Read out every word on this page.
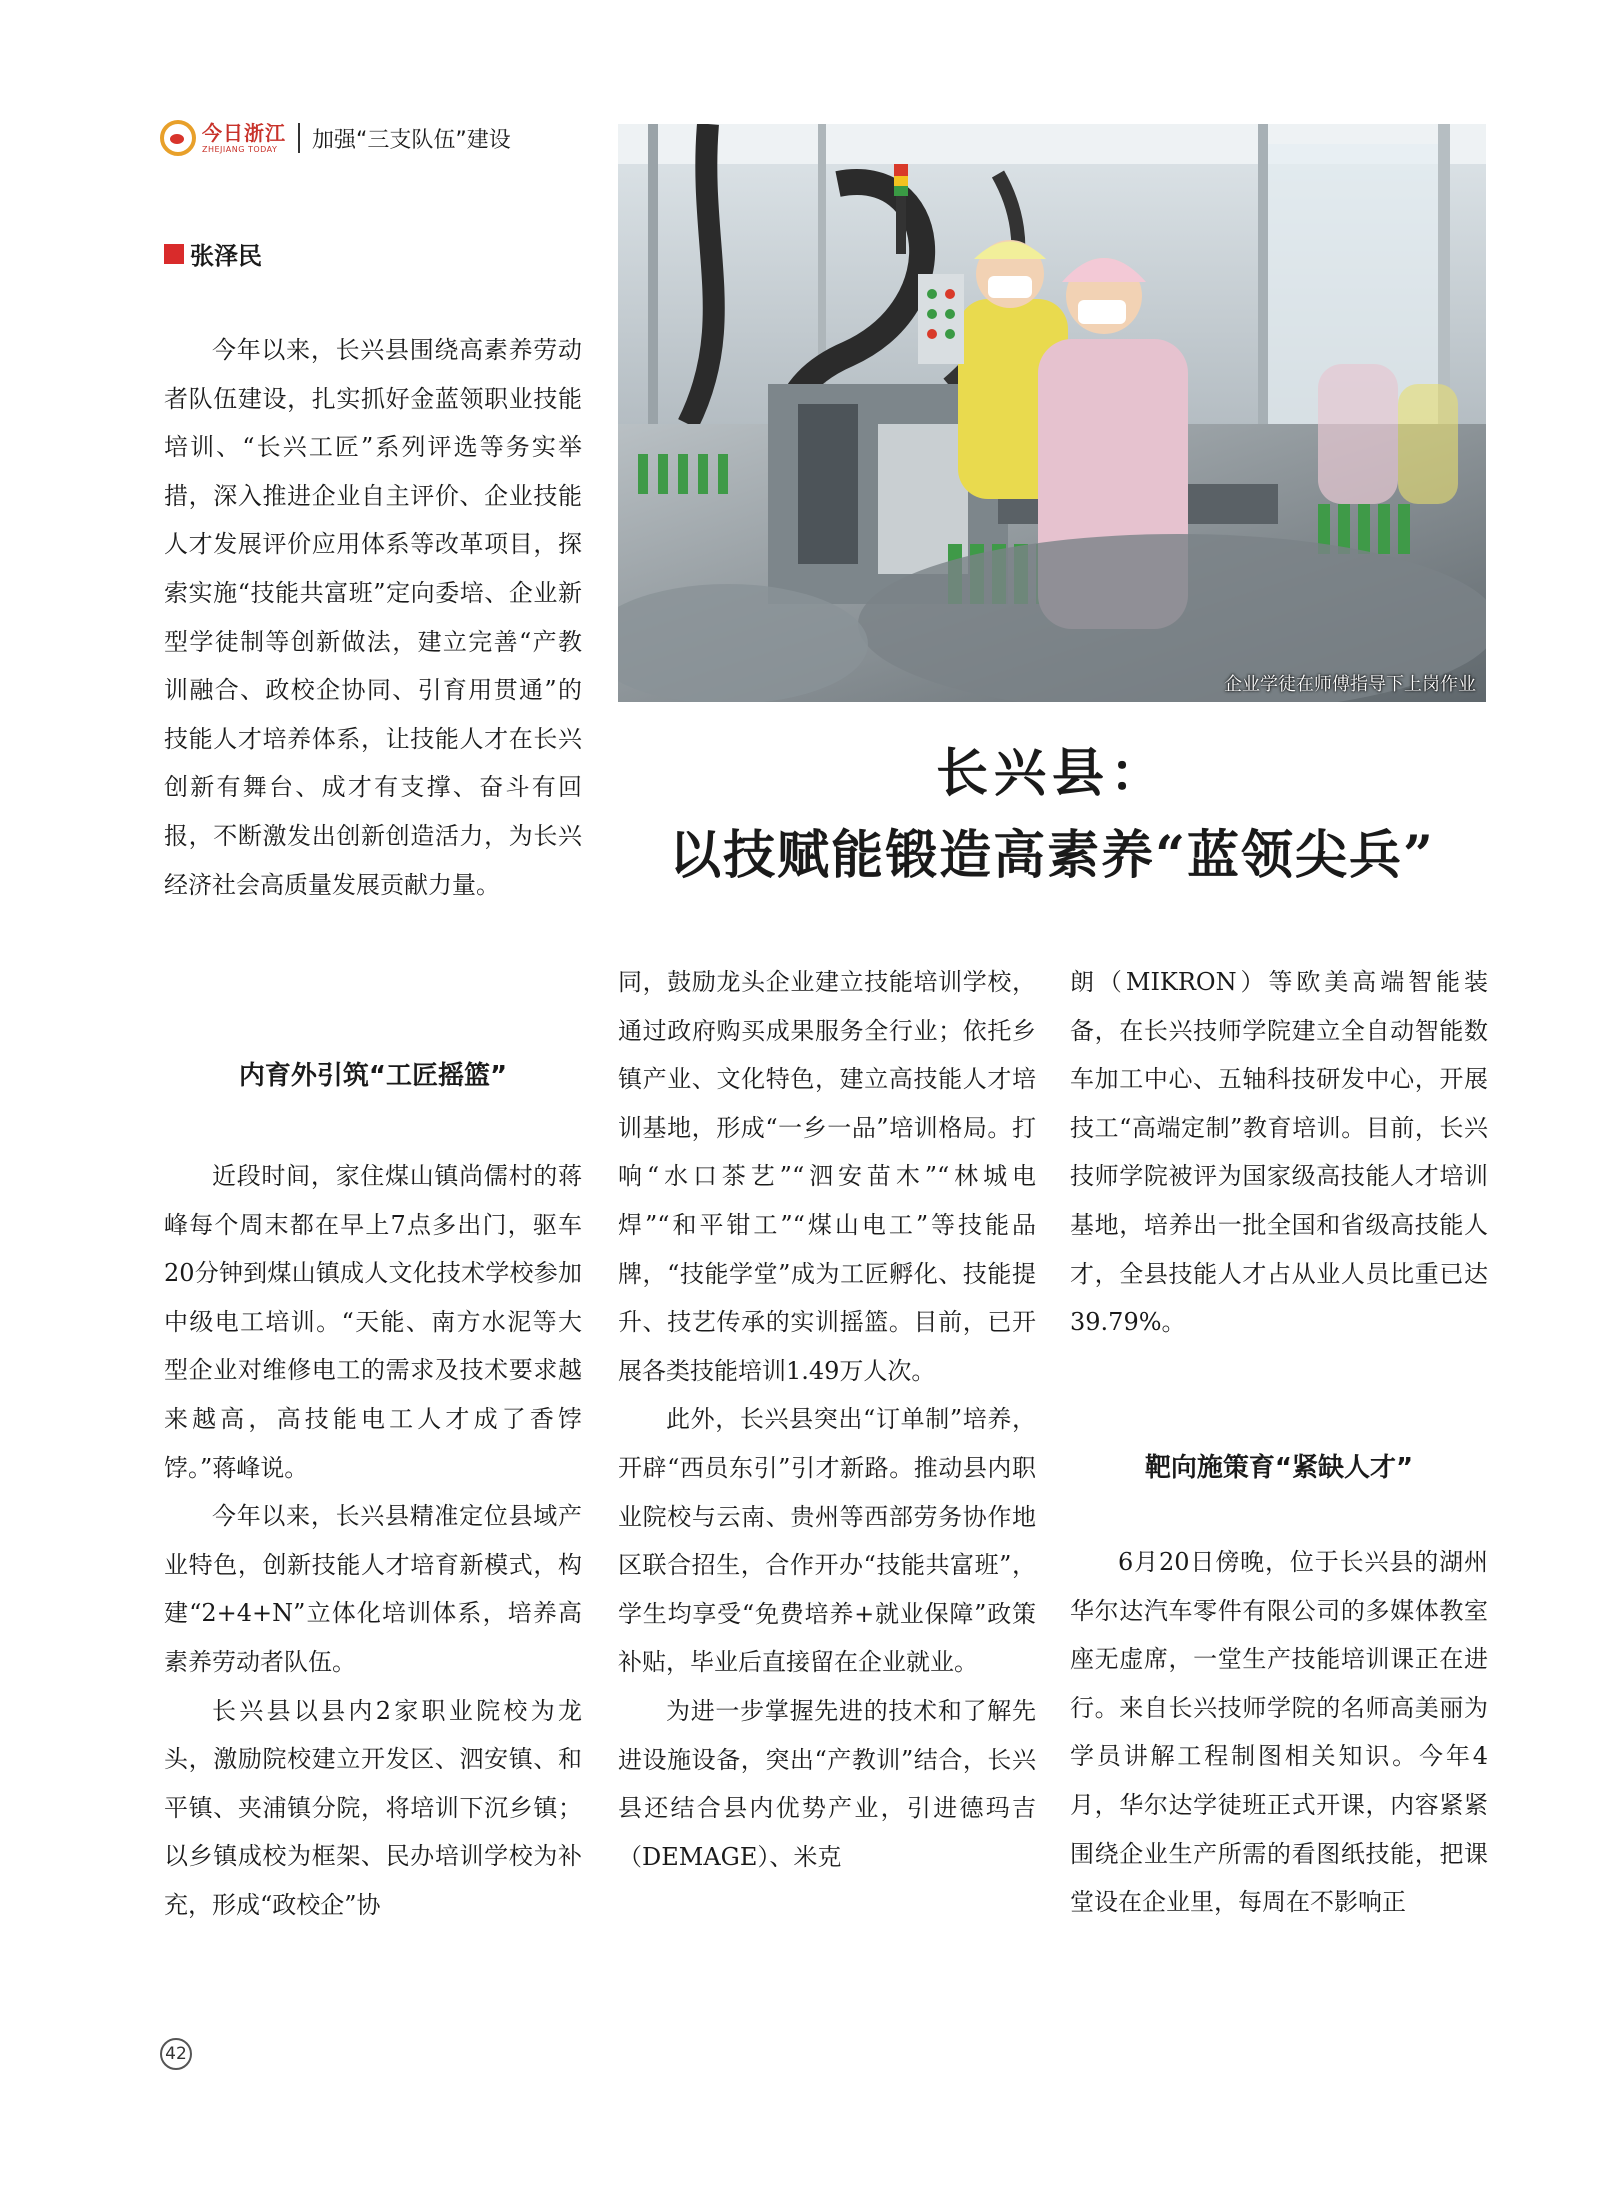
今日浙江
ZHEJIANG TODAY	加强“三支队伍”建设
张泽民
企业学徒在师傅指导下上岗作业
长兴县：
以技赋能锻造高素养“蓝领尖兵”

今年以来，长兴县围绕高素养劳动者队伍建设，扎实抓好金蓝领职业技能培训、“长兴工匠”系列评选等务实举措，深入推进企业自主评价、企业技能人才发展评价应用体系等改革项目，探索实施“技能共富班”定向委培、企业新型学徒制等创新做法，建立完善“产教训融合、政校企协同、引育用贯通”的技能人才培养体系，让技能人才在长兴创新有舞台、成才有支撑、奋斗有回报，不断激发出创新创造活力，为长兴经济社会高质量发展贡献力量。

内育外引筑“工匠摇篮”

近段时间，家住煤山镇尚儒村的蒋峰每个周末都在早上7点多出门，驱车20分钟到煤山镇成人文化技术学校参加中级电工培训。“天能、南方水泥等大型企业对维修电工的需求及技术要求越来越高，高技能电工人才成了香饽饽。”蒋峰说。

今年以来，长兴县精准定位县域产业特色，创新技能人才培育新模式，构建“2+4+N”立体化培训体系，培养高素养劳动者队伍。

长兴县以县内2家职业院校为龙头，激励院校建立开发区、泗安镇、和平镇、夹浦镇分院，将培训下沉乡镇；以乡镇成校为框架、民办培训学校为补充，形成“政校企”协

同，鼓励龙头企业建立技能培训学校，通过政府购买成果服务全行业；依托乡镇产业、文化特色，建立高技能人才培训基地，形成“一乡一品”培训格局。打响“水口茶艺”“泗安苗木”“林城电焊”“和平钳工”“煤山电工”等技能品牌，“技能学堂”成为工匠孵化、技能提升、技艺传承的实训摇篮。目前，已开展各类技能培训1.49万人次。

此外，长兴县突出“订单制”培养，开辟“西员东引”引才新路。推动县内职业院校与云南、贵州等西部劳务协作地区联合招生，合作开办“技能共富班”，学生均享受“免费培养+就业保障”政策补贴，毕业后直接留在企业就业。

为进一步掌握先进的技术和了解先进设施设备，突出“产教训”结合，长兴县还结合县内优势产业，引进德玛吉（DEMAGE）、米克

朗（MIKRON）等欧美高端智能装备，在长兴技师学院建立全自动智能数车加工中心、五轴科技研发中心，开展技工“高端定制”教育培训。目前，长兴技师学院被评为国家级高技能人才培训基地，培养出一批全国和省级高技能人才，全县技能人才占从业人员比重已达39.79%。

靶向施策育“紧缺人才”

6月20日傍晚，位于长兴县的湖州华尔达汽车零件有限公司的多媒体教室座无虚席，一堂生产技能培训课正在进行。来自长兴技师学院的名师高美丽为学员讲解工程制图相关知识。今年4月，华尔达学徒班正式开课，内容紧紧围绕企业生产所需的看图纸技能，把课堂设在企业里，每周在不影响正

42
